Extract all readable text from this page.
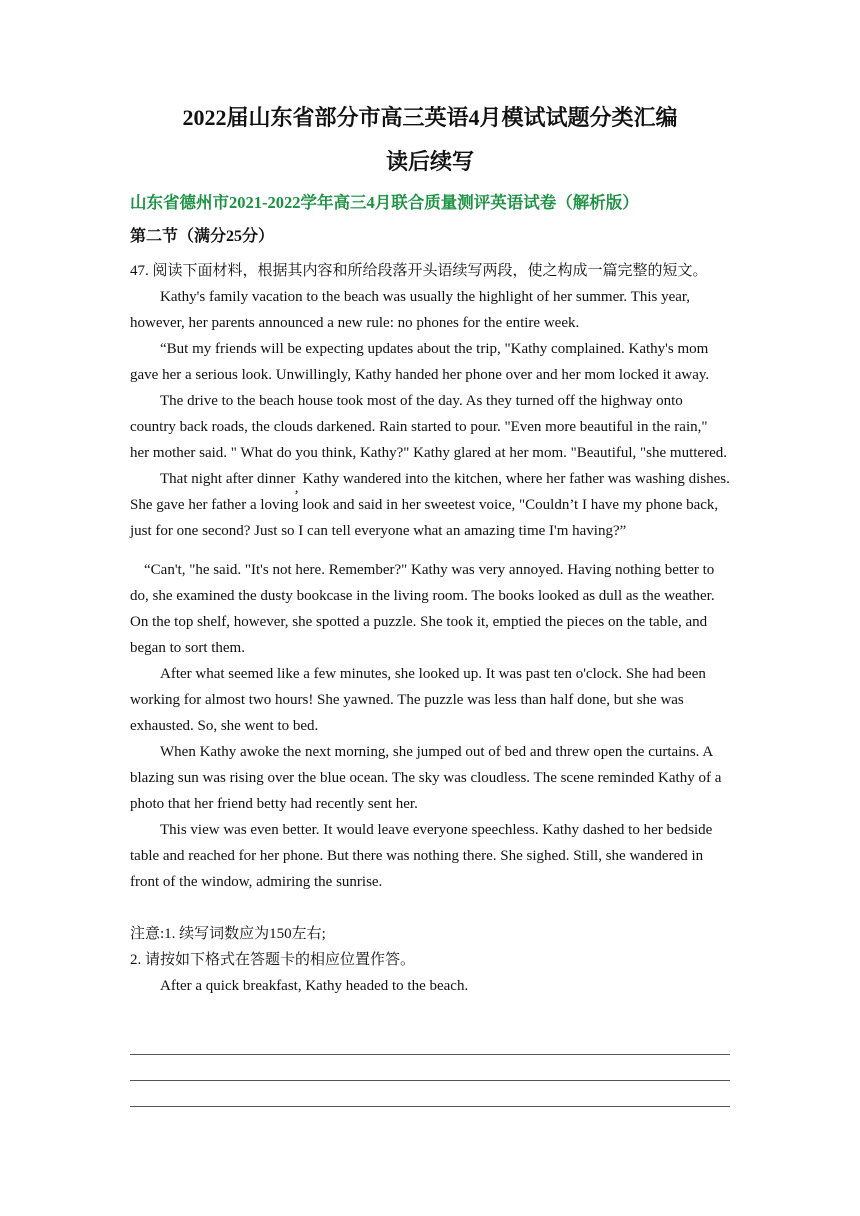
2022届山东省部分市高三英语4月模试试题分类汇编
读后续写

山东省德州市2021-2022学年高三4月联合质量测评英语试卷（解析版）

第二节（满分25分）

47. 阅读下面材料，根据其内容和所给段落开头语续写两段，使之构成一篇完整的短文。

Kathy's family vacation to the beach was usually the highlight of her summer. This year, however, her parents announced a new rule: no phones for the entire week.

“But my friends will be expecting updates about the trip, "Kathy complained. Kathy's mom gave her a serious look. Unwillingly, Kathy handed her phone over and her mom locked it away.

The drive to the beach house took most of the day. As they turned off the highway onto country back roads, the clouds darkened. Rain started to pour. "Even more beautiful in the rain," her mother said. " What do you think, Kathy?" Kathy glared at her mom. "Beautiful, "she muttered.

That night after dinner,Kathy wandered into the kitchen, where her father was washing dishes. She gave her father a loving look and said in her sweetest voice, "Couldn’t I have my phone back, just for one second? Just so I can tell everyone what an amazing time I'm having?”

“Can't, "he said. "It's not here. Remember?" Kathy was very annoyed. Having nothing better to do, she examined the dusty bookcase in the living room. The books looked as dull as the weather. On the top shelf, however, she spotted a puzzle. She took it, emptied the pieces on the table, and began to sort them.

After what seemed like a few minutes, she looked up. It was past ten o'clock. She had been working for almost two hours! She yawned. The puzzle was less than half done, but she was exhausted. So, she went to bed.

When Kathy awoke the next morning, she jumped out of bed and threw open the curtains. A blazing sun was rising over the blue ocean. The sky was cloudless. The scene reminded Kathy of a photo that her friend betty had recently sent her.

This view was even better. It would leave everyone speechless. Kathy dashed to her bedside table and reached for her phone. But there was nothing there. She sighed. Still, she wandered in front of the window, admiring the sunrise.

注意:1. 续写词数应为150左右;

2. 请按如下格式在答题卡的相应位置作答。

After a quick breakfast, Kathy headed to the beach.
